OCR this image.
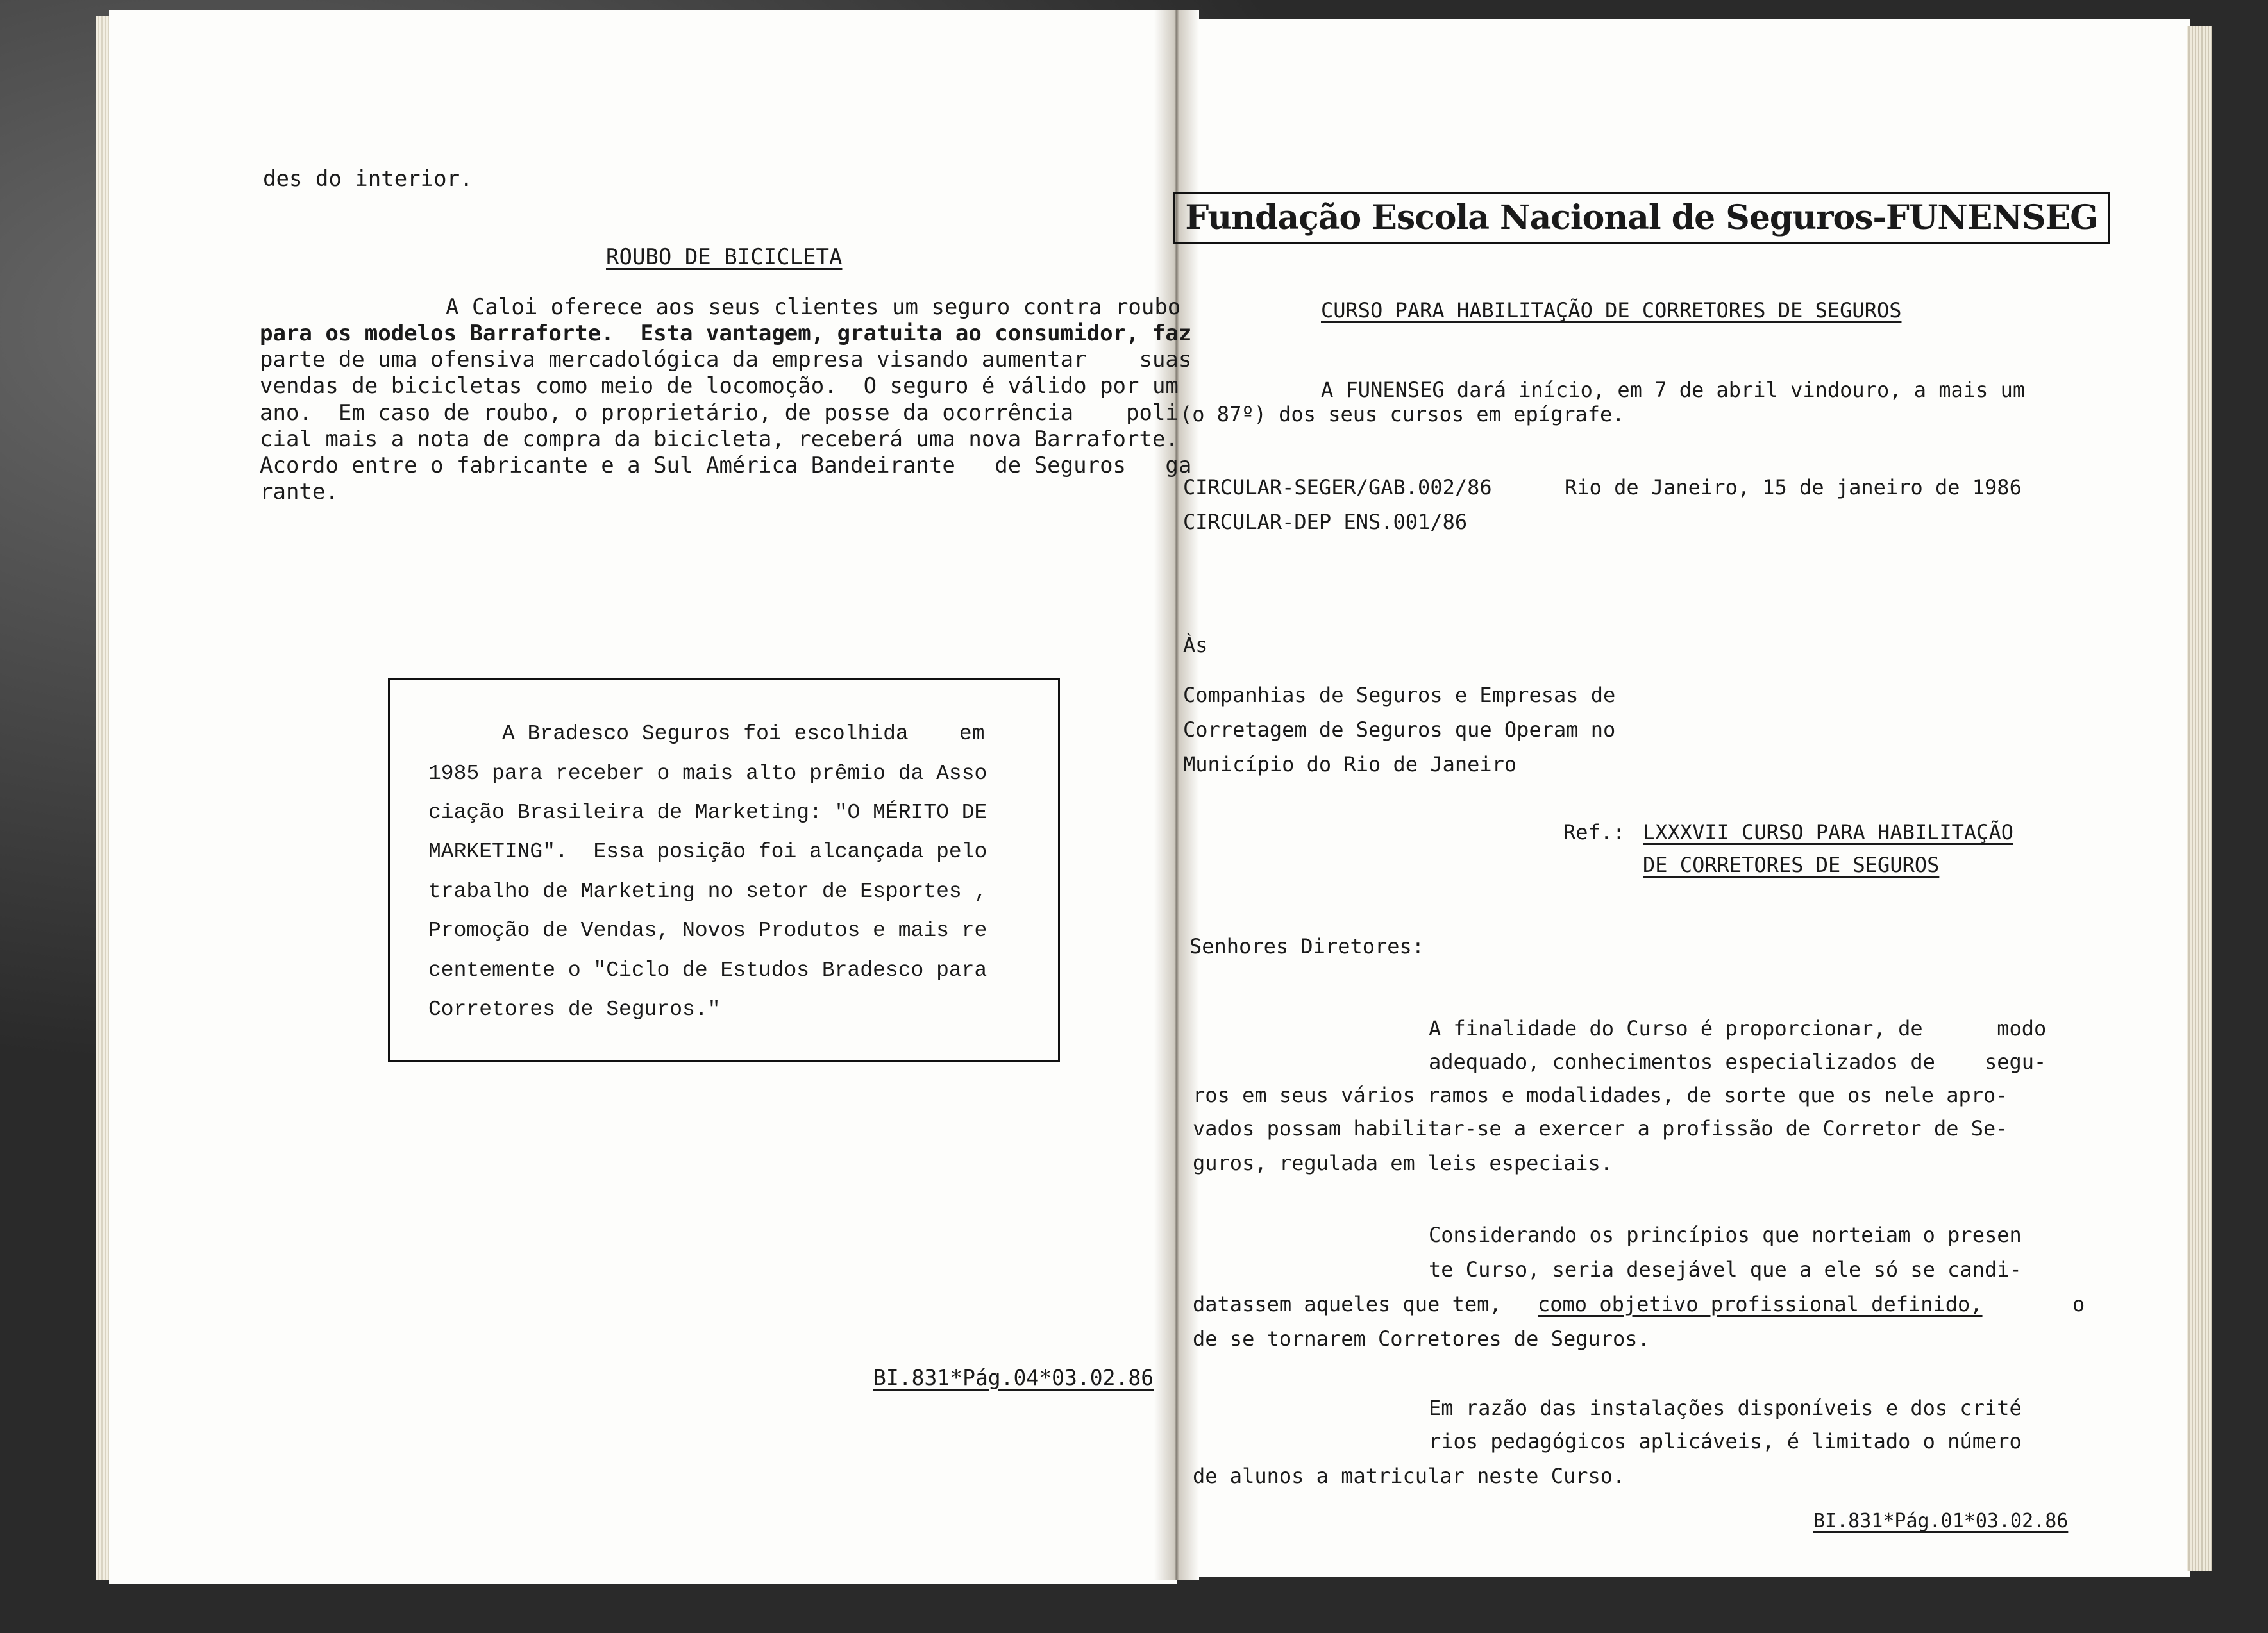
des do interior.
ROUBO DE BICICLETA
A Caloi oferece aos seus clientes um seguro contra roubo
para os modelos Barraforte.  Esta vantagem, gratuita ao consumidor, faz
parte de uma ofensiva mercadológica da empresa visando aumentar    suas
vendas de bicicletas como meio de locomoção.  O seguro é válido por um
ano.  Em caso de roubo, o proprietário, de posse da ocorrência    poli
cial mais a nota de compra da bicicleta, receberá uma nova Barraforte.
Acordo entre o fabricante e a Sul América Bandeirante   de Seguros   ga
rante.
A Bradesco Seguros foi escolhida    em
1985 para receber o mais alto prêmio da Asso
ciação Brasileira de Marketing: "O MÉRITO DE
MARKETING".  Essa posição foi alcançada pelo
trabalho de Marketing no setor de Esportes ,
Promoção de Vendas, Novos Produtos e mais re
centemente o "Ciclo de Estudos Bradesco para
Corretores de Seguros."
BI.831*Pág.04*03.02.86
Fundação Escola Nacional de Seguros-FUNENSEG
CURSO PARA HABILITAÇÃO DE CORRETORES DE SEGUROS
A FUNENSEG dará início, em 7 de abril vindouro, a mais um
(o 87º) dos seus cursos em epígrafe.
CIRCULAR-SEGER/GAB.002/86	Rio de Janeiro, 15 de janeiro de 1986
CIRCULAR-DEP ENS.001/86
Às
Companhias de Seguros e Empresas de
Corretagem de Seguros que Operam no
Município do Rio de Janeiro
Ref.: LXXXVII CURSO PARA HABILITAÇÃO
DE CORRETORES DE SEGUROS
Senhores Diretores:
A finalidade do Curso é proporcionar, de      modo
adequado, conhecimentos especializados de    segu-
ros em seus vários ramos e modalidades, de sorte que os nele apro-
vados possam habilitar-se a exercer a profissão de Corretor de Se-
guros, regulada em leis especiais.
Considerando os princípios que norteiam o presen
te Curso, seria desejável que a ele só se candi-
datassem aqueles que tem, como objetivo profissional definido,	o
de se tornarem Corretores de Seguros.
Em razão das instalações disponíveis e dos crité
rios pedagógicos aplicáveis, é limitado o número
de alunos a matricular neste Curso.
BI.831*Pág.01*03.02.86
